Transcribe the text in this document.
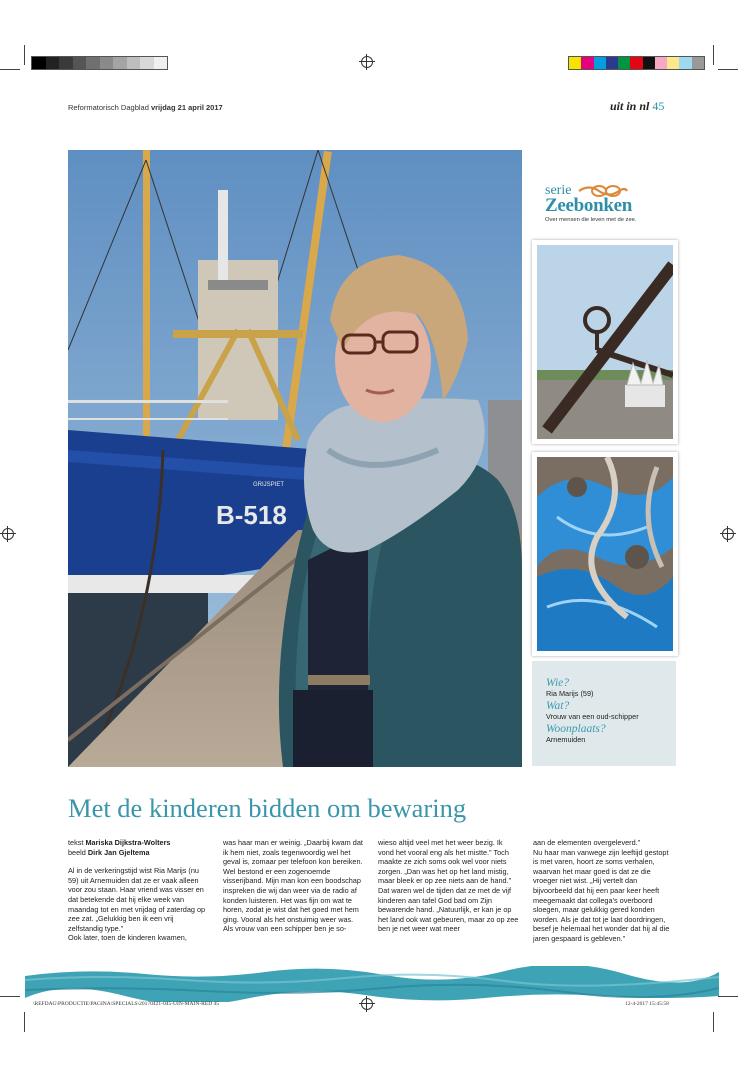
Reformatorisch Dagblad vrijdag 21 april 2017	uit in nl 45
B-518
GRIJSPIET
serie
Zeebonken
Over mensen die leven met de zee.
Wie?
Ria Marijs (59)
Wat?
Vrouw van een oud-schipper
Woonplaats?
Arnemuiden
Met de kinderen bidden om bewaring

tekst Mariska Dijkstra-Wolters

beeld Dirk Jan Gjeltema

Al in de verkeringstijd wist Ria Marijs (nu 59) uit Arnemuiden dat ze er vaak alleen voor zou staan. Haar vriend was visser en dat betekende dat hij elke week van maandag tot en met vrijdag of zaterdag op zee zat. „Gelukkig ben ik een vrij zelfstandig type.”

Ook later, toen de kinderen kwamen,

was haar man er weinig. „Daarbij kwam dat ik hem niet, zoals tegenwoordig wel het geval is, zomaar per telefoon kon bereiken. Wel bestond er een zogenoemde visserijband. Mijn man kon een boodschap inspreken die wij dan weer via de radio af konden luisteren. Het was fijn om wat te horen, zodat je wist dat het goed met hem ging. Vooral als het onstuimig weer was.

Als vrouw van een schipper ben je so-

wieso altijd veel met het weer bezig. Ik vond het vooral eng als het mistte.” Toch maakte ze zich soms ook wel voor niets zorgen. „Dan was het op het land mistig, maar bleek er op zee niets aan de hand.”

Dat waren wel de tijden dat ze met de vijf kinderen aan tafel God bad om Zijn bewarende hand. „Natuurlijk, er kan je op het land ook wat gebeuren, maar zo op zee ben je net weer wat meer

aan de elementen overgeleverd.”

Nu haar man vanwege zijn leeftijd gestopt is met varen, hoort ze soms verhalen, waarvan het maar goed is dat ze die vroeger niet wist. „Hij vertelt dan bijvoorbeeld dat hij een paar keer heeft meegemaakt dat collega’s overboord sloegen, maar gelukkig gered konden worden. Als je dat tot je laat doordringen, besef je helemaal het wonder dat hij al die jaren gespaard is gebleven.”

\REFDAG\PRODUCTIE\PAGINA\SPECIALS\20170421-045-UIN-MAIN-RED 45	12-4-2017 15:45:58
